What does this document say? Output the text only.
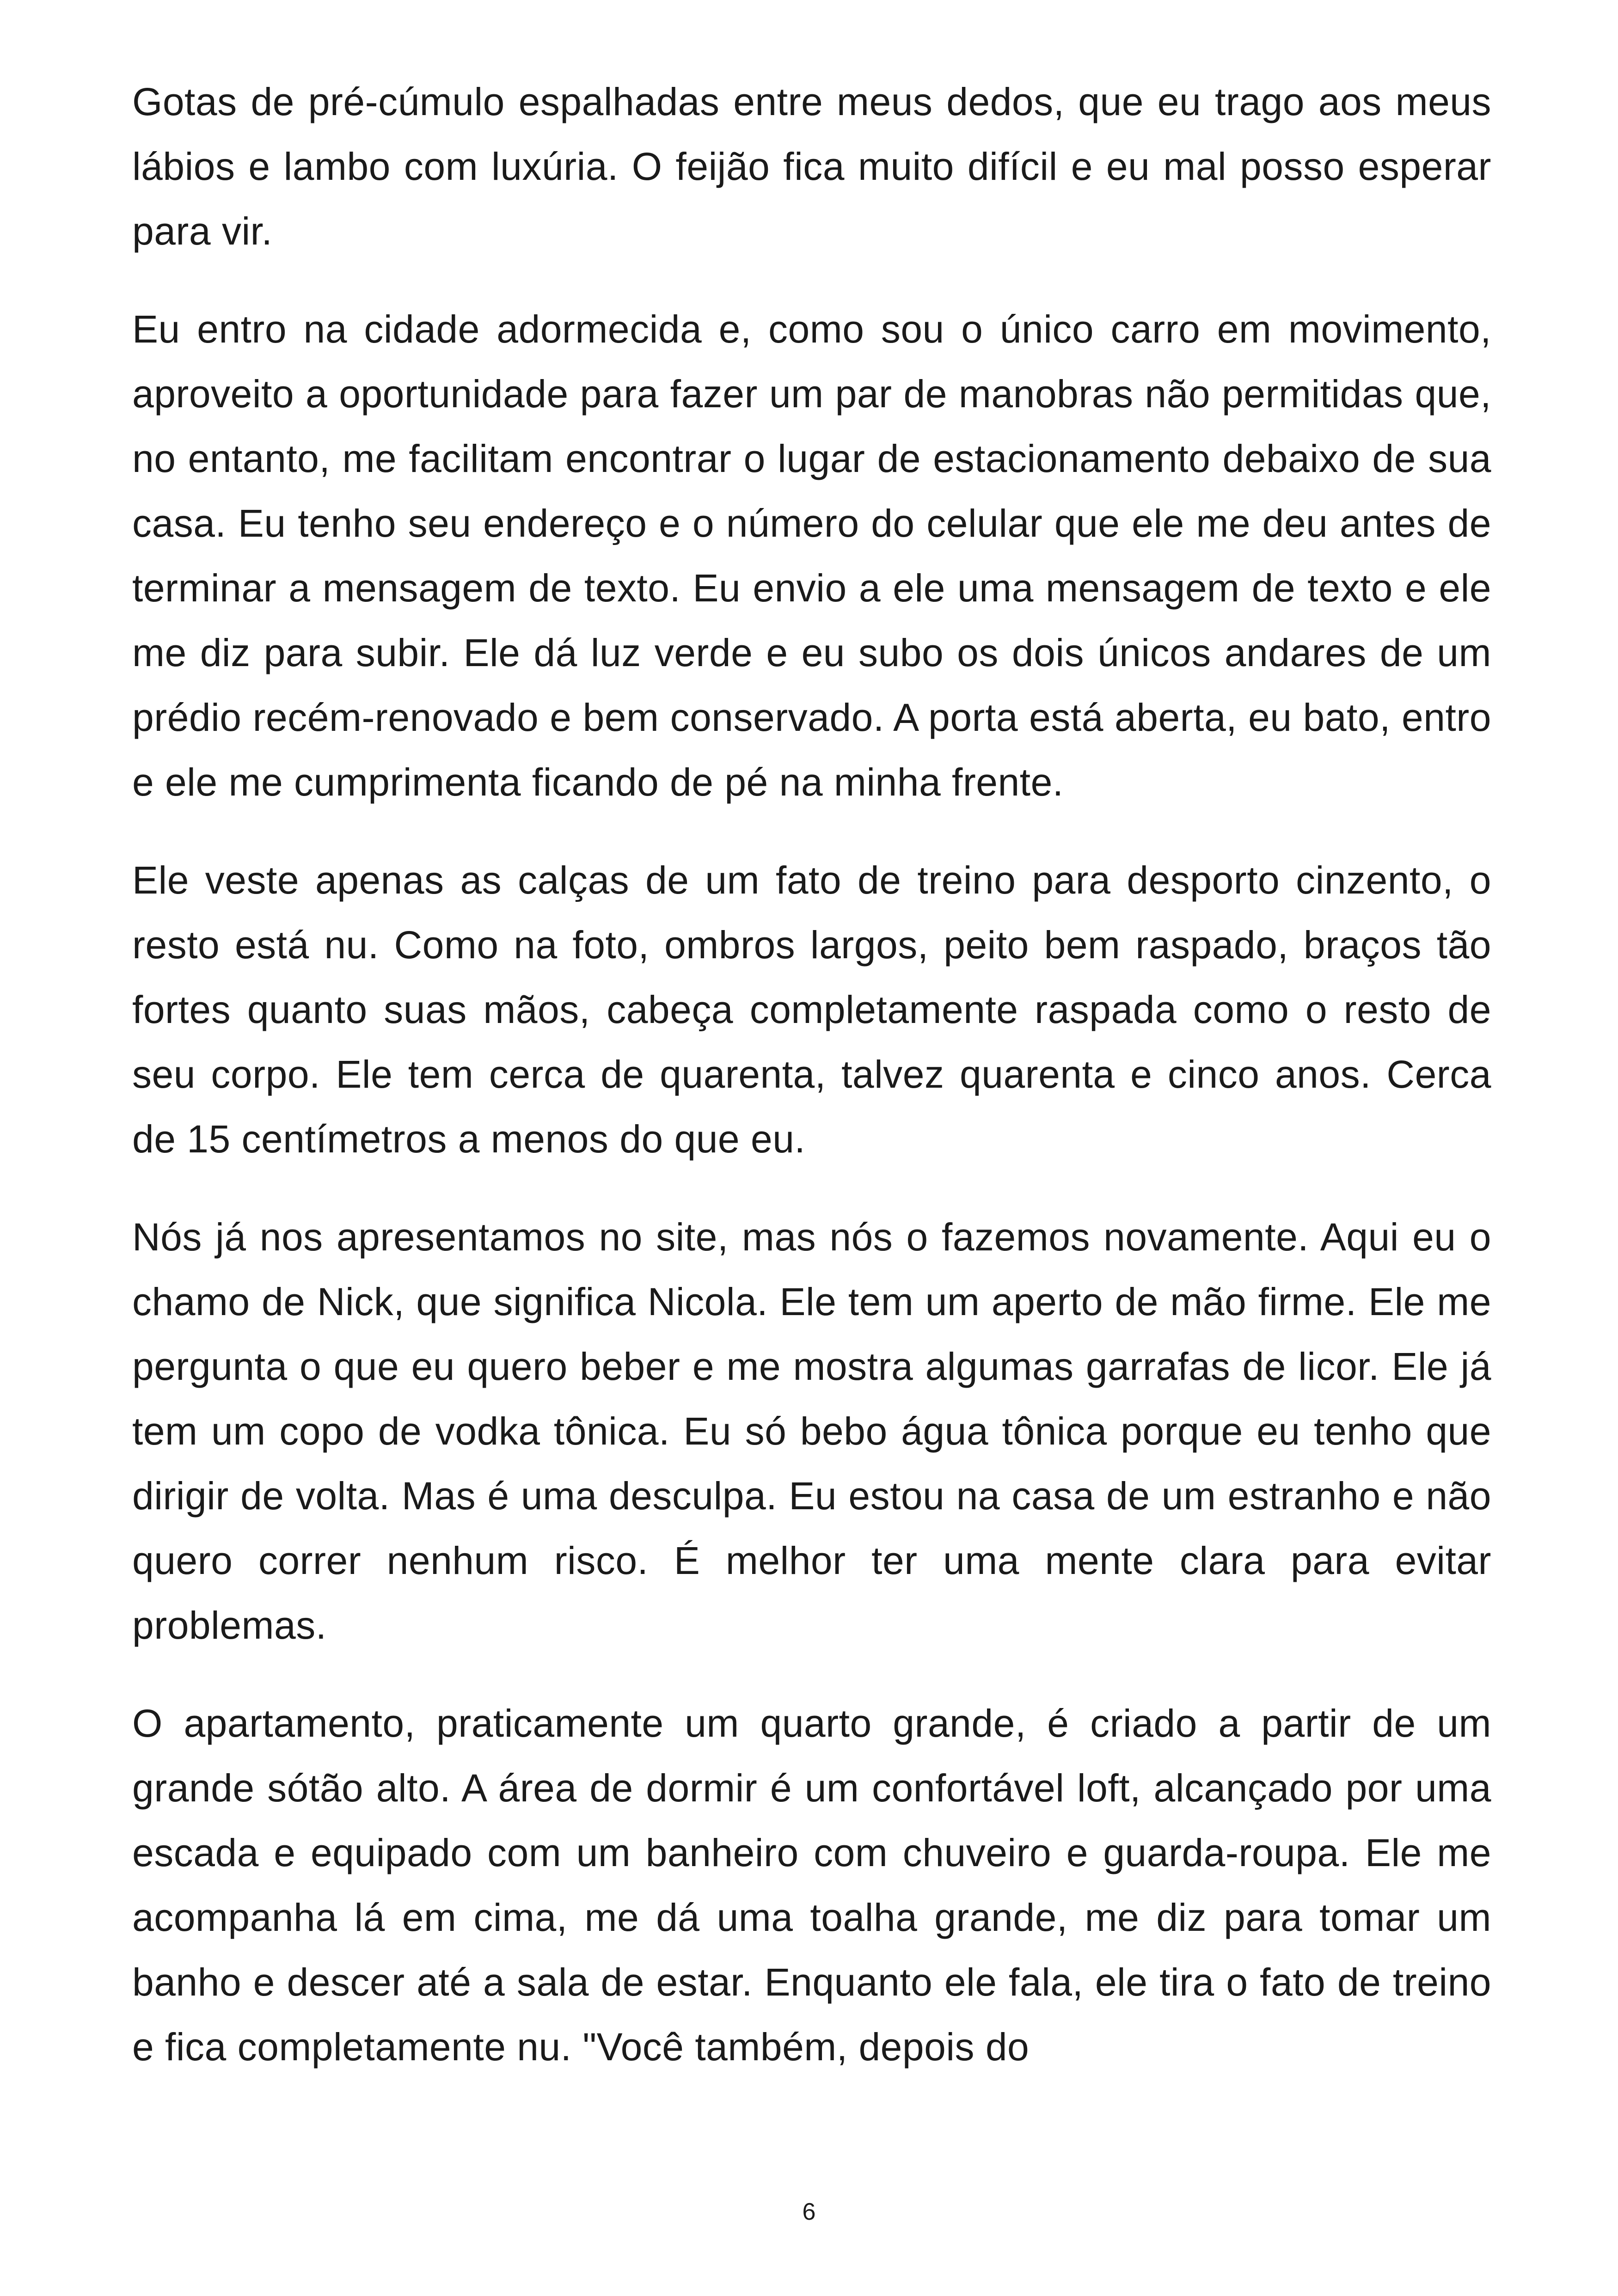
Gotas de pré-cúmulo espalhadas entre meus dedos, que eu trago aos meus lábios e lambo com luxúria. O feijão fica muito difícil e eu mal posso esperar para vir.

Eu entro na cidade adormecida e, como sou o único carro em movimento, aproveito a oportunidade para fazer um par de manobras não permitidas que, no entanto, me facilitam encontrar o lugar de estacionamento debaixo de sua casa. Eu tenho seu endereço e o número do celular que ele me deu antes de terminar a mensagem de texto. Eu envio a ele uma mensagem de texto e ele me diz para subir. Ele dá luz verde e eu subo os dois únicos andares de um prédio recém-renovado e bem conservado. A porta está aberta, eu bato, entro e ele me cumprimenta ficando de pé na minha frente.

Ele veste apenas as calças de um fato de treino para desporto cinzento, o resto está nu. Como na foto, ombros largos, peito bem raspado, braços tão fortes quanto suas mãos, cabeça completamente raspada como o resto de seu corpo. Ele tem cerca de quarenta, talvez quarenta e cinco anos. Cerca de 15 centímetros a menos do que eu.

Nós já nos apresentamos no site, mas nós o fazemos novamente. Aqui eu o chamo de Nick, que significa Nicola. Ele tem um aperto de mão firme. Ele me pergunta o que eu quero beber e me mostra algumas garrafas de licor. Ele já tem um copo de vodka tônica. Eu só bebo água tônica porque eu tenho que dirigir de volta. Mas é uma desculpa. Eu estou na casa de um estranho e não quero correr nenhum risco. É melhor ter uma mente clara para evitar problemas.

O apartamento, praticamente um quarto grande, é criado a partir de um grande sótão alto. A área de dormir é um confortável loft, alcançado por uma escada e equipado com um banheiro com chuveiro e guarda-roupa. Ele me acompanha lá em cima, me dá uma toalha grande, me diz para tomar um banho e descer até a sala de estar. Enquanto ele fala, ele tira o fato de treino e fica completamente nu. "Você também, depois do

6
